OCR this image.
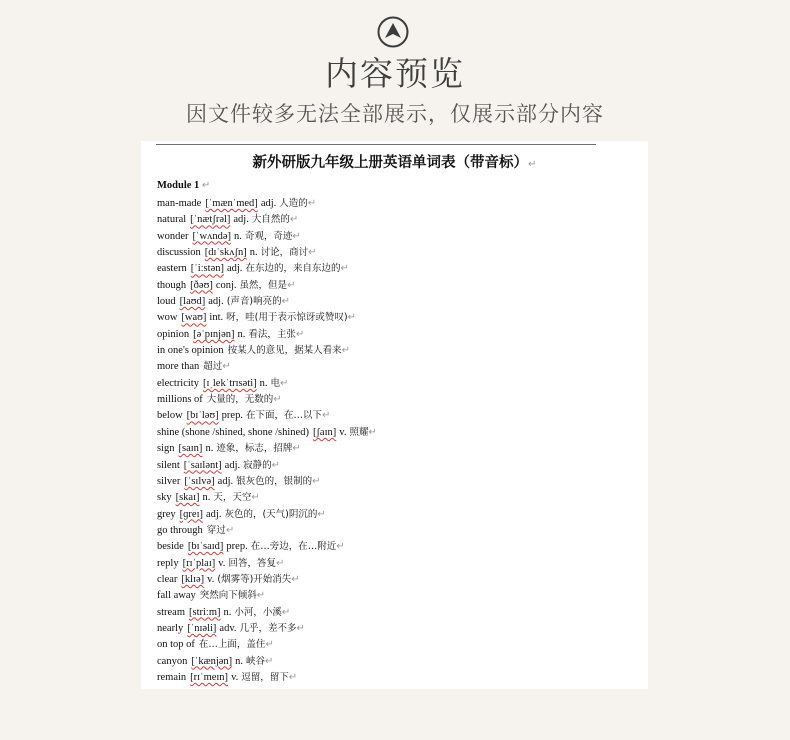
内容预览
因文件较多无法全部展示，仅展示部分内容
新外研版九年级上册英语单词表（带音标）↵
Module 1 ↵
man-made [ˈmænˈmed] adj. 人造的↵
natural [ˈnætʃrəl] adj. 大自然的↵
wonder [ˈwʌndə] n. 奇观，奇迹↵
discussion [dɪˈskʌʃn] n. 讨论，商讨↵
eastern [ˈiːstən] adj. 在东边的，来自东边的↵
though [ðəʊ] conj. 虽然，但是↵
loud [laʊd] adj. (声音)响亮的↵
wow [waʊ] int. 呀，哇(用于表示惊讶或赞叹)↵
opinion [əˈpɪnjən] n. 看法，主张↵
in one's opinion 按某人的意见，据某人看来↵
more than 超过↵
electricity [ɪˌlekˈtrɪsəti] n. 电↵
millions of 大量的，无数的↵
below [bɪˈləʊ] prep. 在下面，在…以下↵
shine (shone /shined, shone /shined) [ʃaɪn] v. 照耀↵
sign [saɪn] n. 迹象，标志，招牌↵
silent [ˈsaɪlənt] adj. 寂静的↵
silver [ˈsɪlvə] adj. 银灰色的，银制的↵
sky [skaɪ] n. 天，天空↵
grey [ɡreɪ] adj. 灰色的，(天气)阴沉的↵
go through 穿过↵
beside [bɪˈsaɪd] prep. 在…旁边，在…附近↵
reply [rɪˈplaɪ] v. 回答，答复↵
clear [klɪə] v. (烟雾等)开始消失↵
fall away 突然向下倾斜↵
stream [striːm] n. 小河，小溪↵
nearly [ˈnɪəli] adv. 几乎，差不多↵
on top of 在…上面，盖住↵
canyon [ˈkænjən] n. 峡谷↵
remain [rɪˈmeɪn] v. 逗留，留下↵
